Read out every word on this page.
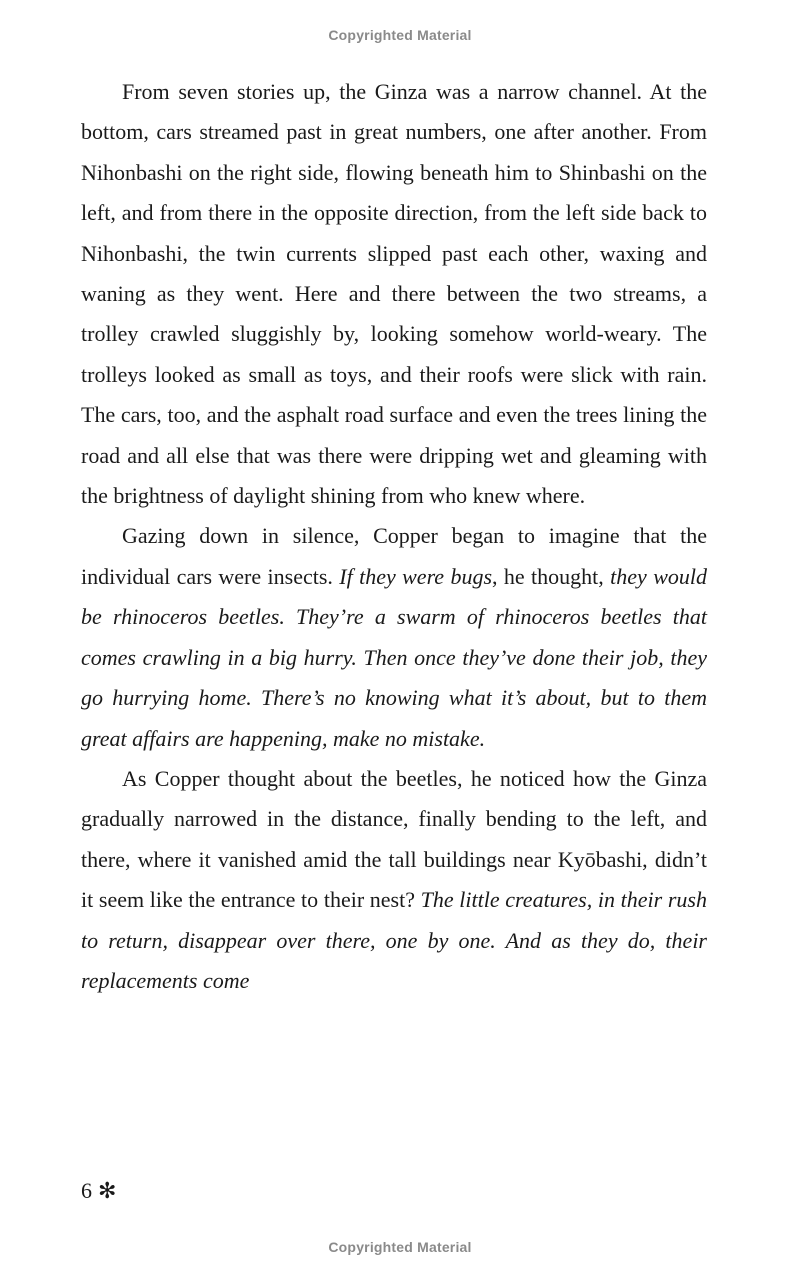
Copyrighted Material

From seven stories up, the Ginza was a narrow channel. At the bottom, cars streamed past in great numbers, one after another. From Nihonbashi on the right side, flowing beneath him to Shinbashi on the left, and from there in the opposite direction, from the left side back to Nihonbashi, the twin currents slipped past each other, waxing and waning as they went. Here and there between the two streams, a trolley crawled sluggishly by, looking somehow world-weary. The trolleys looked as small as toys, and their roofs were slick with rain. The cars, too, and the asphalt road surface and even the trees lining the road and all else that was there were dripping wet and gleaming with the brightness of daylight shining from who knew where.

Gazing down in silence, Copper began to imagine that the individual cars were insects. If they were bugs, he thought, they would be rhinoceros beetles. They’re a swarm of rhinoceros beetles that comes crawling in a big hurry. Then once they’ve done their job, they go hurrying home. There’s no knowing what it’s about, but to them great affairs are happening, make no mistake.

As Copper thought about the beetles, he noticed how the Ginza gradually narrowed in the distance, finally bending to the left, and there, where it vanished amid the tall buildings near Kyōbashi, didn’t it seem like the entrance to their nest? The little creatures, in their rush to return, disappear over there, one by one. And as they do, their replacements come

6 ✻
Copyrighted Material
